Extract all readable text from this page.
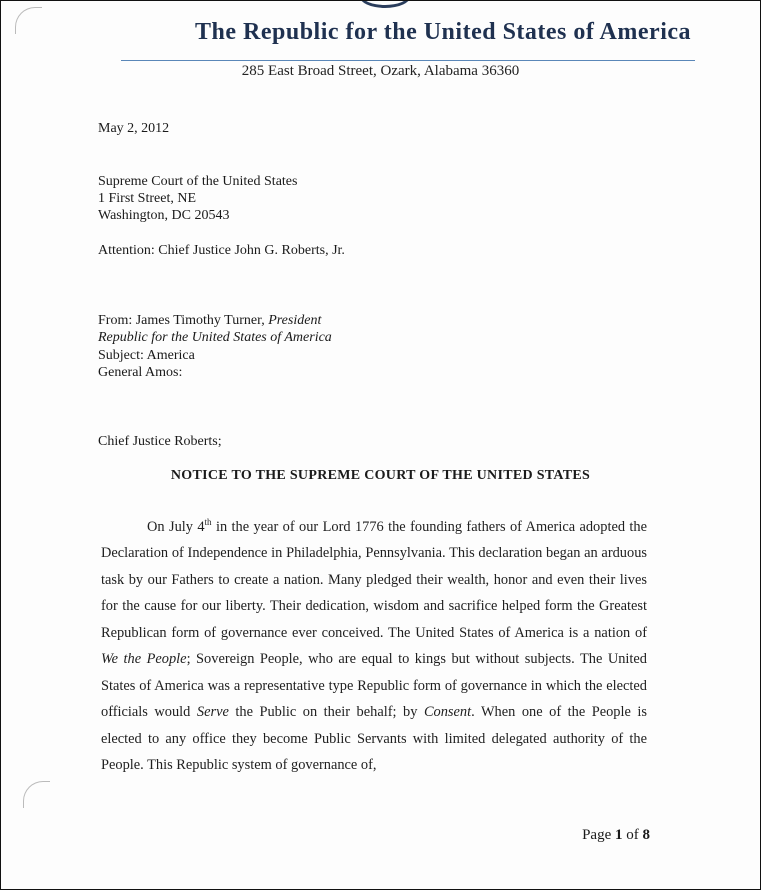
The Republic for the United States of America
285 East Broad Street, Ozark, Alabama 36360
May 2, 2012
Supreme Court of the United States
1 First Street, NE
Washington, DC 20543
Attention: Chief Justice John G. Roberts, Jr.
From: James Timothy Turner, President
Republic for the United States of America
Subject: America
General Amos:
Chief Justice Roberts;
NOTICE TO THE SUPREME COURT OF THE UNITED STATES
On July 4th in the year of our Lord 1776 the founding fathers of America adopted the Declaration of Independence in Philadelphia, Pennsylvania. This declaration began an arduous task by our Fathers to create a nation. Many pledged their wealth, honor and even their lives for the cause for our liberty. Their dedication, wisdom and sacrifice helped form the Greatest Republican form of governance ever conceived. The United States of America is a nation of We the People; Sovereign People, who are equal to kings but without subjects. The United States of America was a representative type Republic form of governance in which the elected officials would Serve the Public on their behalf; by Consent. When one of the People is elected to any office they become Public Servants with limited delegated authority of the People. This Republic system of governance of,
Page 1 of 8
